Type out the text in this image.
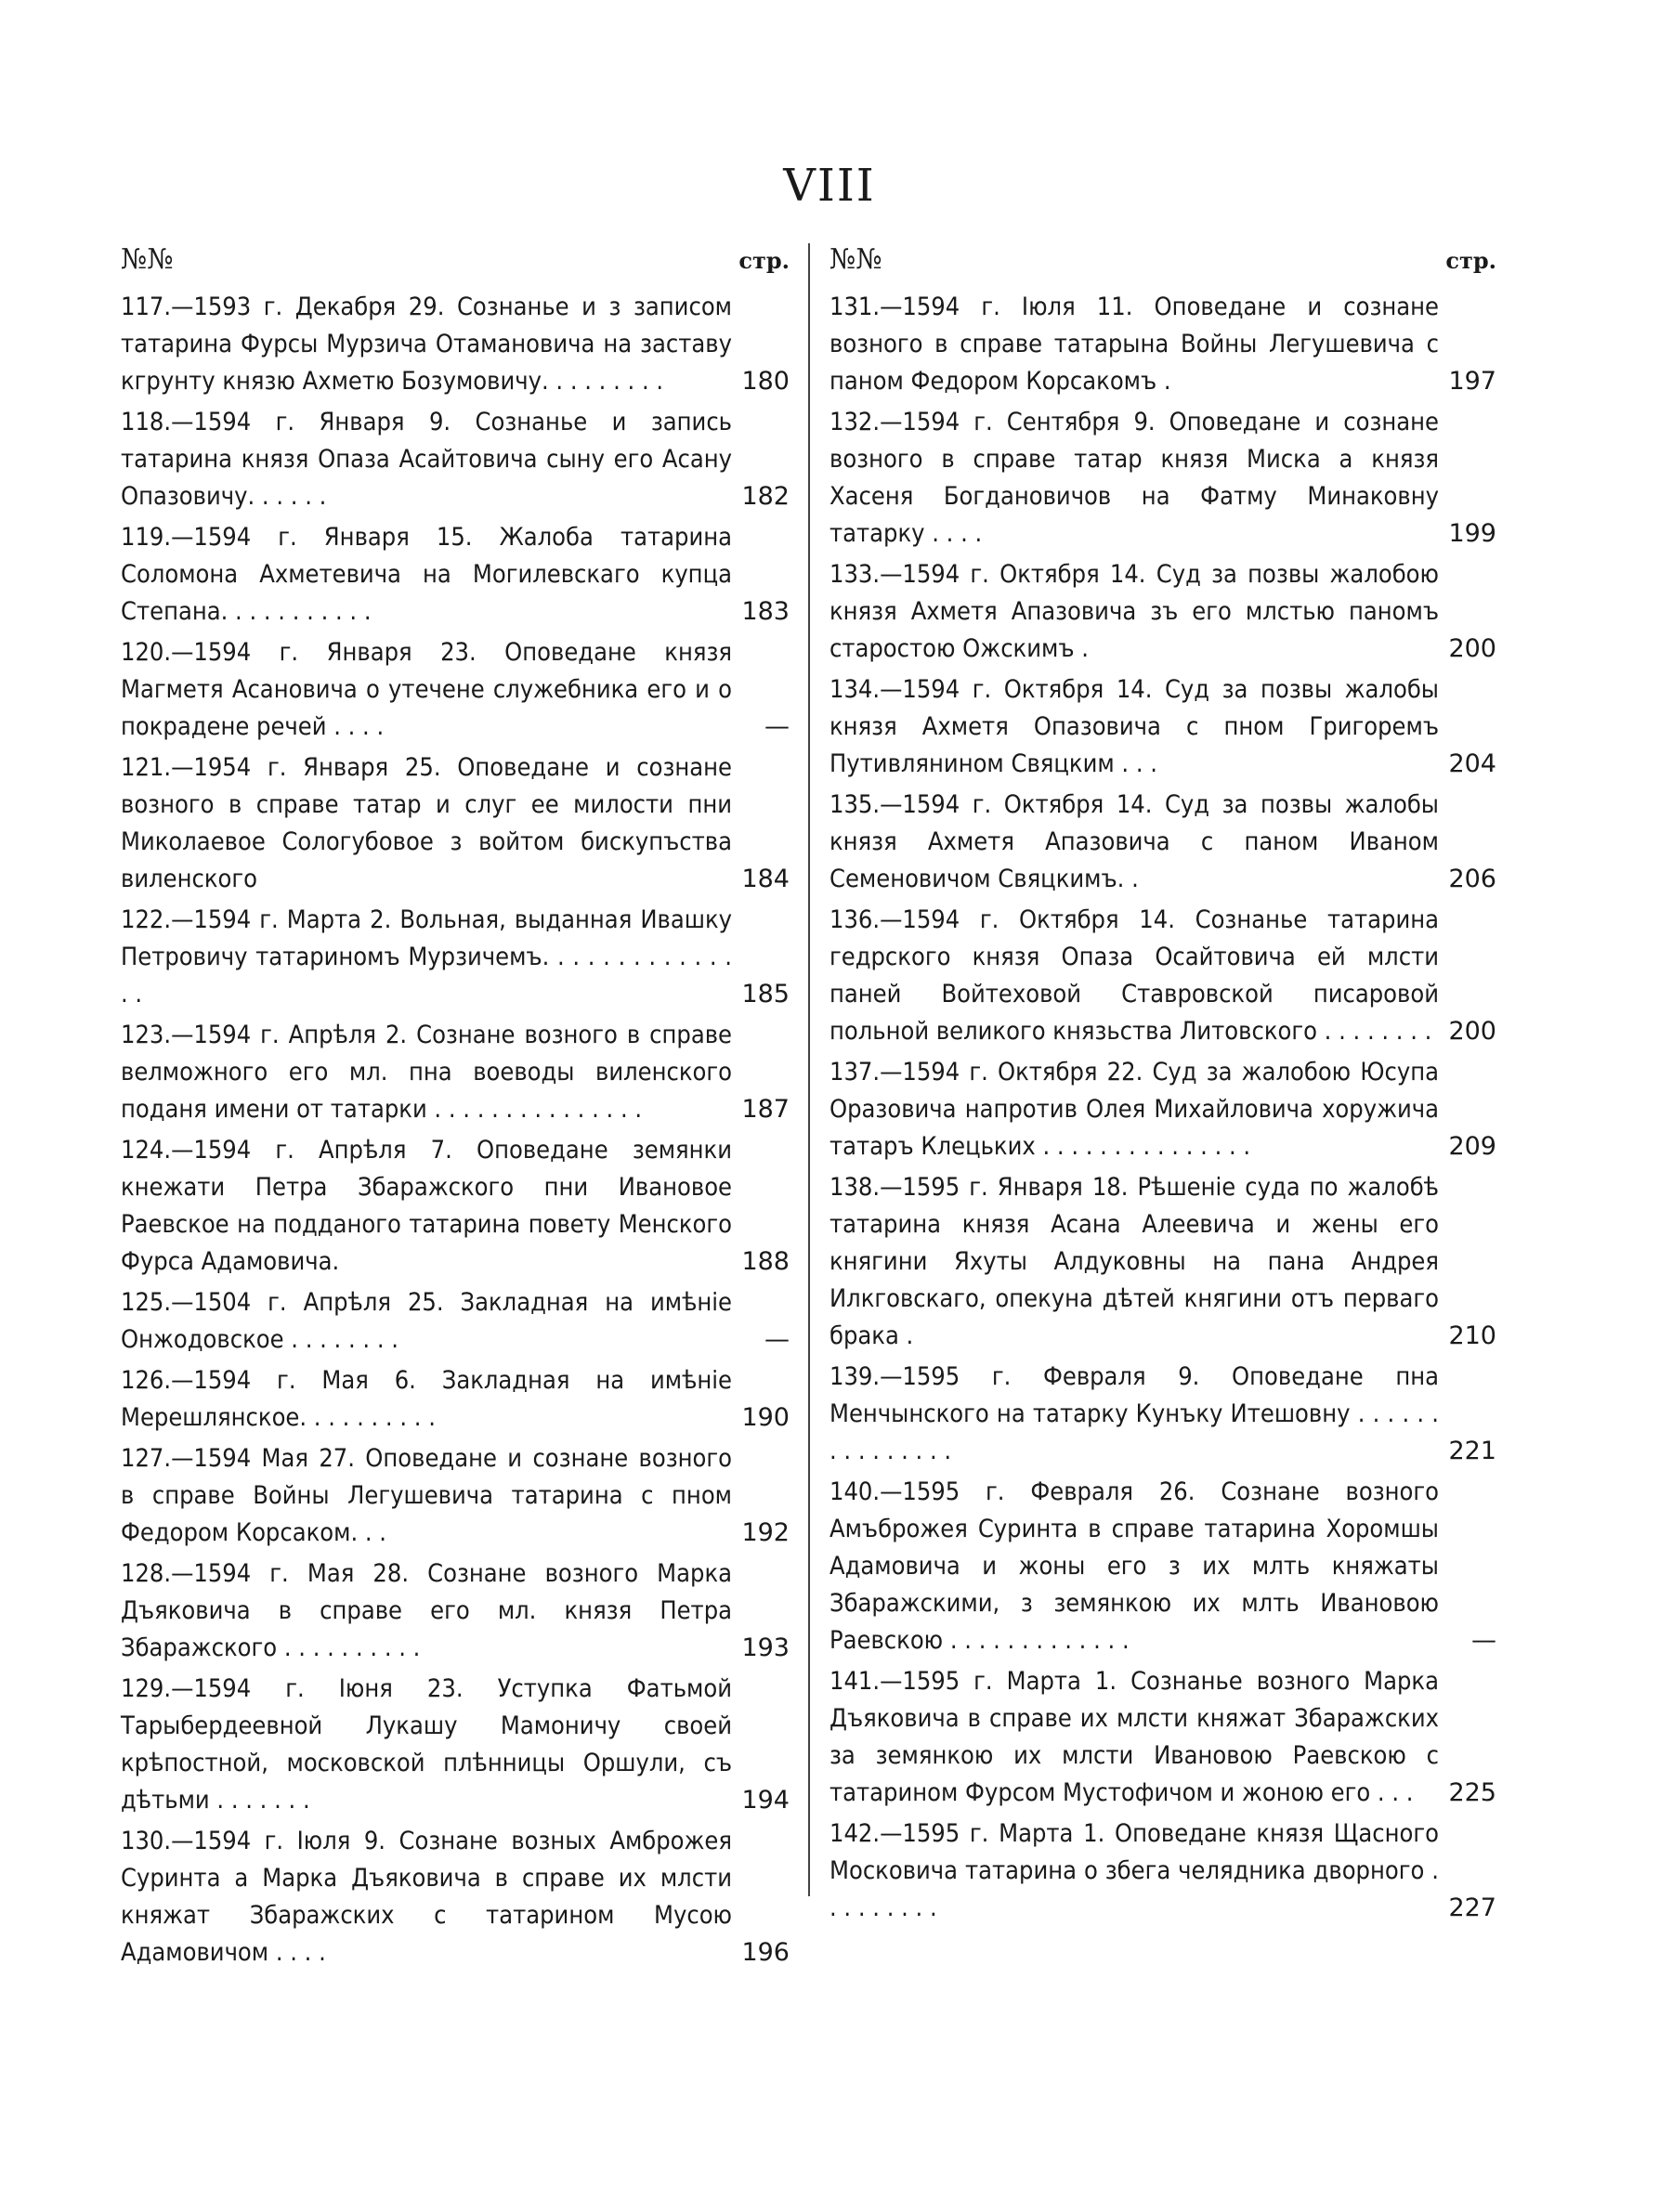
VIII
№№	стр.
117.—1593 г. Декабря 29. Сознанье и з записом татарина Фурсы Мурзича Отамановича на заставу кгрунту князю Ахметю Бозумовичу. . . . . . . . .	180
118.—1594 г. Января 9. Сознанье и запись татарина князя Опаза Асайтовича сыну его Асану Опазовичу. . . . . .	182
119.—1594 г. Января 15. Жалоба татарина Соломона Ахметевича на Могилевскаго купца Степана. . . . . . . . . . .	183
120.—1594 г. Января 23. Оповедане князя Магметя Асановича о утечене служебника его и о покрадене речей . . . .	—
121.—1954 г. Января 25. Оповедане и сознане возного в справе татар и слуг ее милости пни Миколаевое Сологубовое з войтом бискупъства виленского	184
122.—1594 г. Марта 2. Вольная, выданная Ивашку Петровичу татариномъ Мурзичемъ. . . . . . . . . . . . . . .	185
123.—1594 г. Апрѣля 2. Сознане возного в справе велможного его мл. пна воеводы виленского поданя имени от татарки . . . . . . . . . . . . . . .	187
124.—1594 г. Апрѣля 7. Оповедане земянки кнежати Петра Збаражского пни Ивановое Раевское на подданого татарина повету Менского Фурса Адамовича.	188
125.—1504 г. Апрѣля 25. Закладная на имѣніе Онжодовское . . . . . . . .	—
126.—1594 г. Мая 6. Закладная на имѣніе Мерешлянское. . . . . . . . . .	190
127.—1594 Мая 27. Оповедане и сознане возного в справе Войны Легушевича татарина с пном Федором Корсаком. . .	192
128.—1594 г. Мая 28. Сознане возного Марка Дъяковича в справе его мл. князя Петра Збаражского . . . . . . . . . .	193
129.—1594 г. Іюня 23. Уступка Фатьмой Тарыбердеевной Лукашу Мамоничу своей крѣпостной, московской плѣнницы Оршули, съ дѣтьми . . . . . . .	194
130.—1594 г. Іюля 9. Сознане возных Амброжея Суринта а Марка Дъяковича в справе их млсти княжат Збаражских с татарином Мусою Адамовичом . . . .	196
№№	стр.
131.—1594 г. Іюля 11. Оповедане и сознане возного в справе татарына Войны Легушевича с паном Федором Корсакомъ .	197
132.—1594 г. Сентября 9. Оповедане и сознане возного в справе татар князя Миска а князя Хасеня Богдановичов на Фатму Минаковну татарку . . . .	199
133.—1594 г. Октября 14. Суд за позвы жалобою князя Ахметя Апазовича зъ его млстью паномъ старостою Ожскимъ .	200
134.—1594 г. Октября 14. Суд за позвы жалобы князя Ахметя Опазовича с пном Григоремъ Путивлянином Свяцким . . .	204
135.—1594 г. Октября 14. Суд за позвы жалобы князя Ахметя Апазовича с паном Иваном Семеновичом Свяцкимъ. .	206
136.—1594 г. Октября 14. Сознанье татарина гедрского князя Опаза Осайтовича ей млсти паней Войтеховой Ставровской писаровой польной великого князьства Литовского . . . . . . . . 200
137.—1594 г. Октября 22. Суд за жалобою Юсупа Оразовича напротив Олея Михайловича хоружича татаръ Клецьких . . . . . . . . . . . . . . .	209
138.—1595 г. Января 18. Рѣшеніе суда по жалобѣ татарина князя Асана Алеевича и жены его княгини Яхуты Алдуковны на пана Андрея Илкговскаго, опекуна дѣтей княгини отъ перваго брака .	210
139.—1595 г. Февраля 9. Оповедане пна Менчынского на татарку Кунъку Итешовну . . . . . . . . . . . . . . .	221
140.—1595 г. Февраля 26. Сознане возного Амъброжея Суринта в справе татарина Хоромшы Адамовича и жоны его з их млть княжаты Збаражскими, з земянкою их млть Ивановою Раевскою . . . . . . . . . . . . .	—
141.—1595 г. Марта 1. Сознанье возного Марка Дъяковича в справе их млсти княжат Збаражских за земянкою их млсти Ивановою Раевскою с татарином Фурсом Мустофичом и жоною его . . .	225
142.—1595 г. Марта 1. Оповедане князя Щасного Московича татарина о збега челядника дворного . . . . . . . . .	227
